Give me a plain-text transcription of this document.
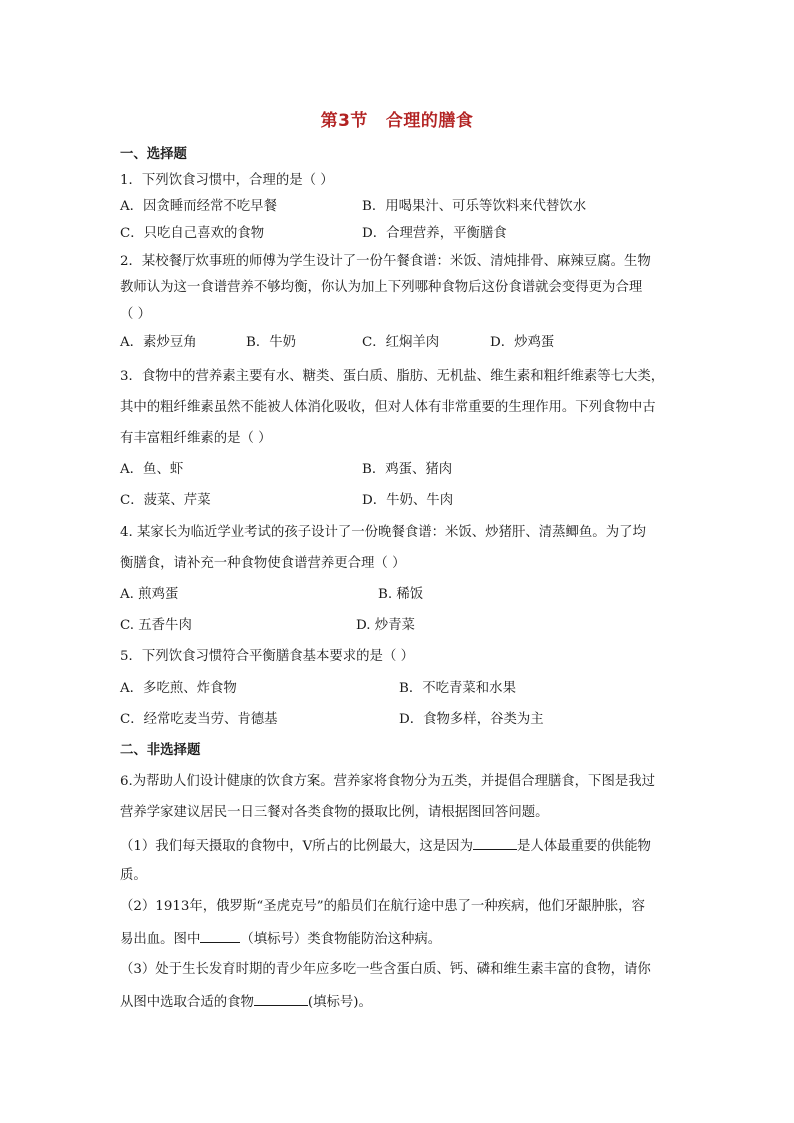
第3节 合理的膳食
一、选择题
1．下列饮食习惯中，合理的是（ ）
A．因贪睡而经常不吃早餐	B．用喝果汁、可乐等饮料来代替饮水
C．只吃自己喜欢的食物	D．合理营养，平衡膳食
2．某校餐厅炊事班的师傅为学生设计了一份午餐食谱：米饭、清炖排骨、麻辣豆腐。生物
教师认为这一食谱营养不够均衡，你认为加上下列哪种食物后这份食谱就会变得更为合理
（ ）
A．素炒豆角	B．牛奶	C．红焖羊肉	D．炒鸡蛋
3．食物中的营养素主要有水、糖类、蛋白质、脂肪、无机盐、维生素和粗纤维素等七大类，
其中的粗纤维素虽然不能被人体消化吸收，但对人体有非常重要的生理作用。下列食物中古
有丰富粗纤维素的是（ ）
A．鱼、虾	B．鸡蛋、猪肉
C．菠菜、芹菜	D．牛奶、牛肉
4. 某家长为临近学业考试的孩子设计了一份晚餐食谱：米饭、炒猪肝、清蒸鲫鱼。为了均
衡膳食，请补充一种食物使食谱营养更合理（ ）
A. 煎鸡蛋	B. 稀饭
C. 五香牛肉	D. 炒青菜
5．下列饮食习惯符合平衡膳食基本要求的是（ ）
A．多吃煎、炸食物	B．不吃青菜和水果
C．经常吃麦当劳、肯德基	D．食物多样，谷类为主
二、非选择题
6.为帮助人们设计健康的饮食方案。营养家将食物分为五类，并提倡合理膳食，下图是我过
营养学家建议居民一日三餐对各类食物的摄取比例，请根据图回答问题。
（1）我们每天摄取的食物中，V所占的比例最大，这是因为	是人体最重要的供能物
质。
（2）1913年，俄罗斯“圣虎克号”的船员们在航行途中患了一种疾病，他们牙龈肿胀，容
易出血。图中	（填标号）类食物能防治这种病。
（3）处于生长发育时期的青少年应多吃一些含蛋白质、钙、磷和维生素丰富的食物，请你
从图中选取合适的食物	(填标号)。
